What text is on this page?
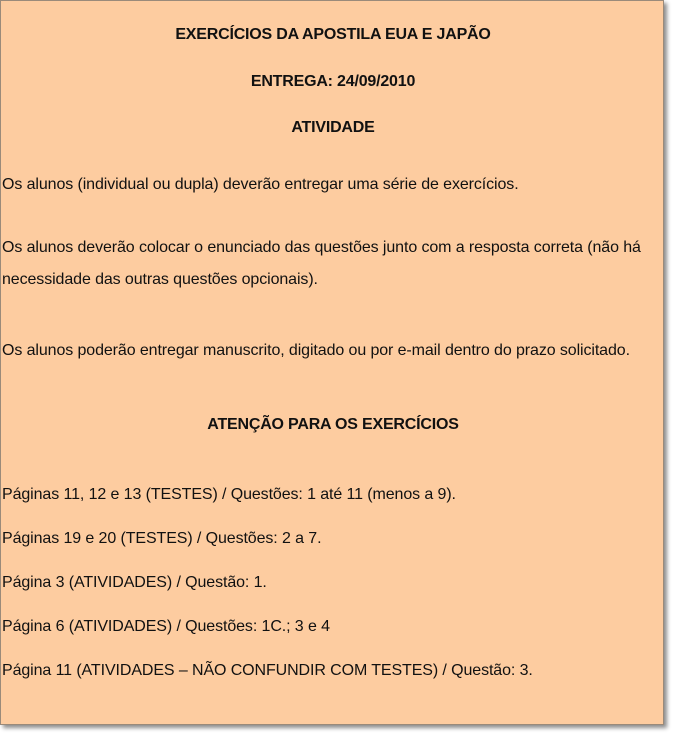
EXERCÍCIOS DA APOSTILA EUA E JAPÃO
ENTREGA: 24/09/2010
ATIVIDADE
Os alunos (individual ou dupla) deverão entregar uma série de exercícios.
Os alunos deverão colocar o enunciado das questões junto com a resposta correta (não há necessidade das outras questões opcionais).
Os alunos poderão entregar manuscrito, digitado ou por e-mail dentro do prazo solicitado.
ATENÇÃO PARA OS EXERCÍCIOS
Páginas 11, 12 e 13 (TESTES) / Questões: 1 até 11 (menos a 9).
Páginas 19 e 20 (TESTES) / Questões: 2 a 7.
Página 3 (ATIVIDADES) / Questão: 1.
Página 6 (ATIVIDADES) / Questões: 1C.; 3 e 4
Página 11 (ATIVIDADES – NÃO CONFUNDIR COM TESTES) / Questão: 3.
